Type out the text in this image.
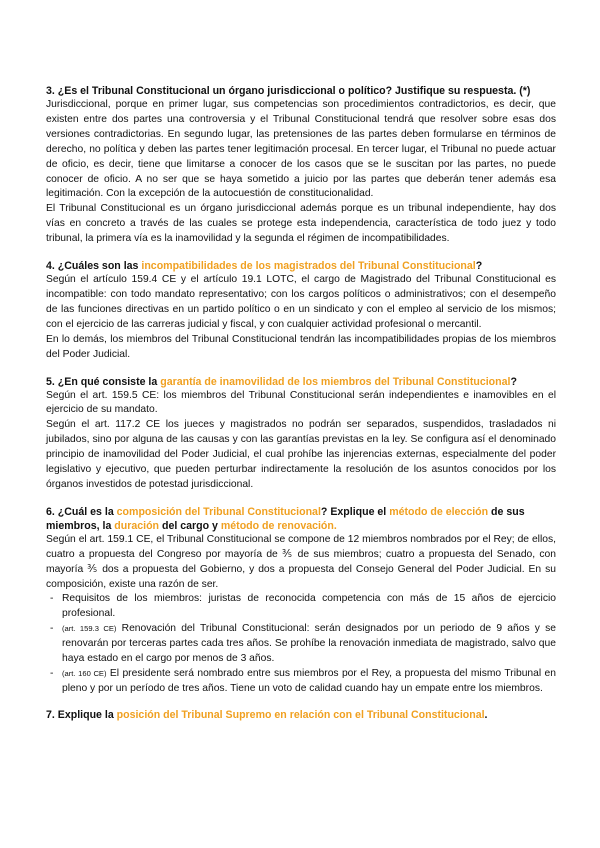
3. ¿Es el Tribunal Constitucional un órgano jurisdiccional o político? Justifique su respuesta. (*)

Jurisdiccional, porque en primer lugar, sus competencias son procedimientos contradictorios, es decir, que existen entre dos partes una controversia y el Tribunal Constitucional tendrá que resolver sobre esas dos versiones contradictorias. En segundo lugar, las pretensiones de las partes deben formularse en términos de derecho, no política y deben las partes tener legitimación procesal. En tercer lugar, el Tribunal no puede actuar de oficio, es decir, tiene que limitarse a conocer de los casos que se le suscitan por las partes, no puede conocer de oficio. A no ser que se haya sometido a juicio por las partes que deberán tener además esa legitimación. Con la excepción de la autocuestión de constitucionalidad.

El Tribunal Constitucional es un órgano jurisdiccional además porque es un tribunal independiente, hay dos vías en concreto a través de las cuales se protege esta independencia, característica de todo juez y todo tribunal, la primera vía es la inamovilidad y la segunda el régimen de incompatibilidades.

4. ¿Cuáles son las incompatibilidades de los magistrados del Tribunal Constitucional?

Según el artículo 159.4 CE y el artículo 19.1 LOTC, el cargo de Magistrado del Tribunal Constitucional es incompatible: con todo mandato representativo; con los cargos políticos o administrativos; con el desempeño de las funciones directivas en un partido político o en un sindicato y con el empleo al servicio de los mismos; con el ejercicio de las carreras judicial y fiscal, y con cualquier actividad profesional o mercantil.

En lo demás, los miembros del Tribunal Constitucional tendrán las incompatibilidades propias de los miembros del Poder Judicial.

5. ¿En qué consiste la garantía de inamovilidad de los miembros del Tribunal Constitucional?

Según el art. 159.5 CE: los miembros del Tribunal Constitucional serán independientes e inamovibles en el ejercicio de su mandato.

Según el art. 117.2 CE los jueces y magistrados no podrán ser separados, suspendidos, trasladados ni jubilados, sino por alguna de las causas y con las garantías previstas en la ley. Se configura así el denominado principio de inamovilidad del Poder Judicial, el cual prohíbe las injerencias externas, especialmente del poder legislativo y ejecutivo, que pueden perturbar indirectamente la resolución de los asuntos conocidos por los órganos investidos de potestad jurisdiccional.

6. ¿Cuál es la composición del Tribunal Constitucional? Explique el método de elección de sus miembros, la duración del cargo y método de renovación.

Según el art. 159.1 CE, el Tribunal Constitucional se compone de 12 miembros nombrados por el Rey; de ellos, cuatro a propuesta del Congreso por mayoría de ⅗ de sus miembros; cuatro a propuesta del Senado, con mayoría ⅗ dos a propuesta del Gobierno, y dos a propuesta del Consejo General del Poder Judicial. En su composición, existe una razón de ser.

- Requisitos de los miembros: juristas de reconocida competencia con más de 15 años de ejercicio profesional.
- (art. 159.3 CE) Renovación del Tribunal Constitucional: serán designados por un periodo de 9 años y se renovarán por terceras partes cada tres años. Se prohíbe la renovación inmediata de magistrado, salvo que haya estado en el cargo por menos de 3 años.
- (art. 160 CE) El presidente será nombrado entre sus miembros por el Rey, a propuesta del mismo Tribunal en pleno y por un período de tres años. Tiene un voto de calidad cuando hay un empate entre los miembros.

7. Explique la posición del Tribunal Supremo en relación con el Tribunal Constitucional.
